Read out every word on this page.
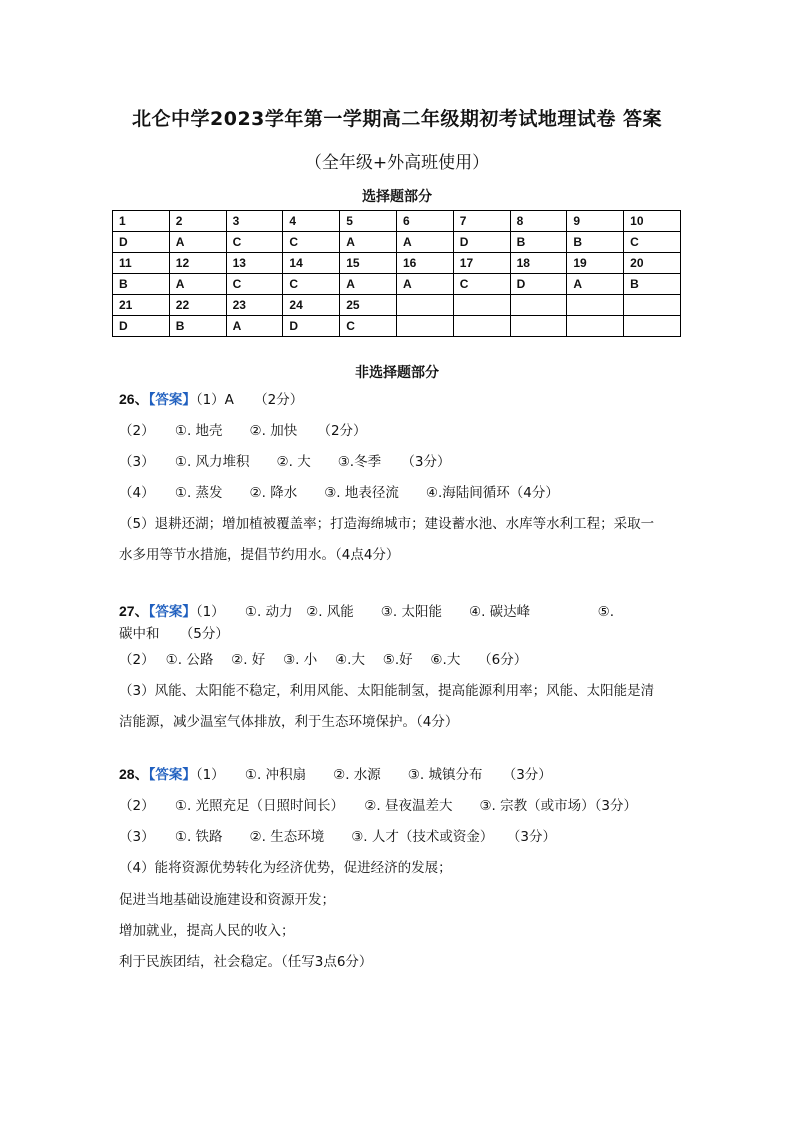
北仑中学2023学年第一学期高二年级期初考试地理试卷 答案
（全年级+外高班使用）
选择题部分
1	2	3	4	5	6	7	8	9	10
D	A	C	C	A	A	D	B	B	C
11	12	13	14	15	16	17	18	19	20
B	A	C	C	A	A	C	D	A	B
21	22	23	24	25					
D	B	A	D	C					
非选择题部分
26、【答案】（1）A　　（2分）
（2）　　①. 地壳　　②. 加快　　（2分）
（3）　　①. 风力堆积　　②. 大　　③.冬季　　（3分）
（4）　　①. 蒸发　　②. 降水　　③. 地表径流　　④.海陆间循环（4分）
（5）退耕还湖；增加植被覆盖率；打造海绵城市；建设蓄水池、水库等水利工程；采取一
水多用等节水措施，提倡节约用水。（4点4分）
27、【答案】（1）　　①. 动力　②. 风能　　③. 太阳能　　④. 碳达峰　　　　　⑤.
碳中和　　（5分）
（2）　 ①. 公路　 ②. 好　 ③. 小　 ④.大　 ⑤.好　 ⑥.大　 （6分）
（3）风能、太阳能不稳定，利用风能、太阳能制氢，提高能源利用率；风能、太阳能是清
洁能源，减少温室气体排放，利于生态环境保护。（4分）
28、【答案】（1）　　①. 冲积扇　　②. 水源　　③. 城镇分布　　（3分）
（2）　　①. 光照充足（日照时间长）　　②. 昼夜温差大　　③. 宗教（或市场）（3分）
（3）　　①. 铁路　　②. 生态环境　　③. 人才（技术或资金）　　（3分）
（4）能将资源优势转化为经济优势，促进经济的发展；
促进当地基础设施建设和资源开发；
增加就业，提高人民的收入；
利于民族团结，社会稳定。（任写3点6分）
